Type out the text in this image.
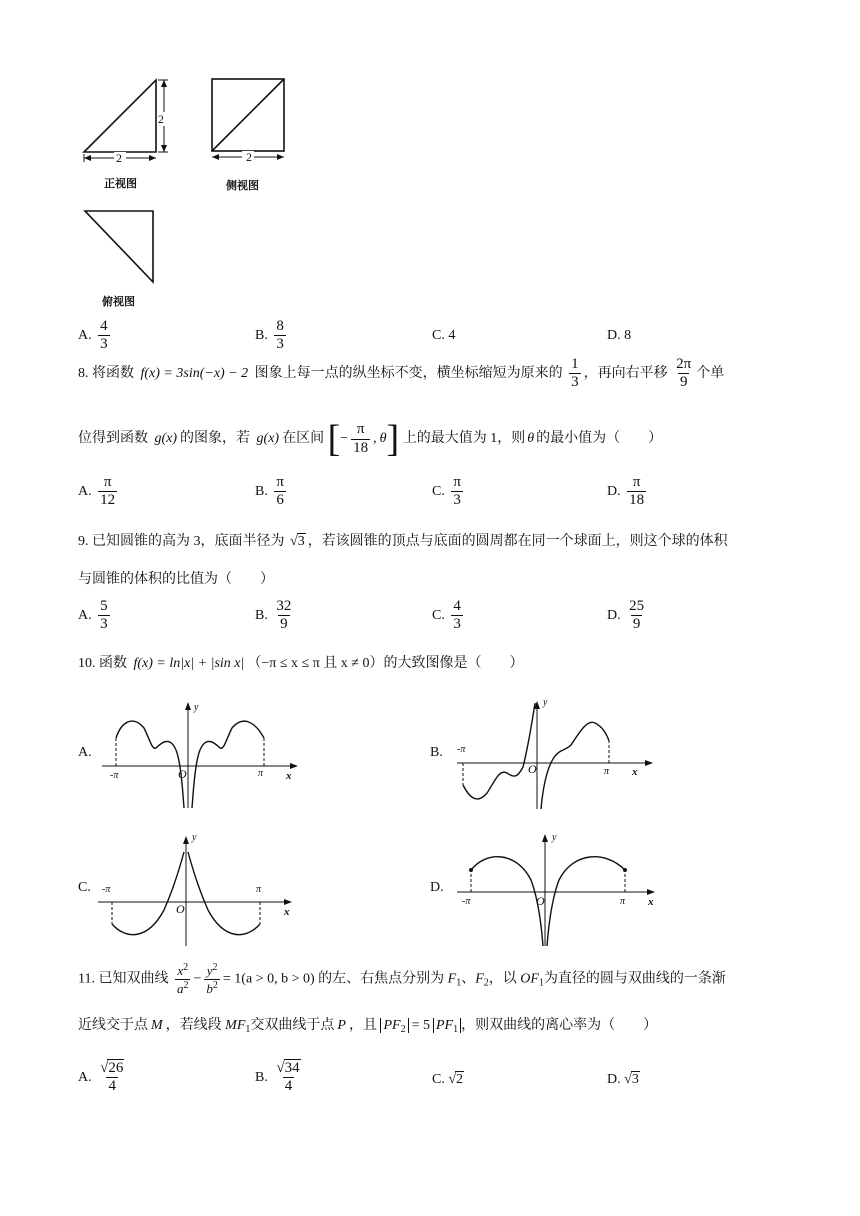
2
2
正视图
2
侧视图
俯视图
A. $\frac{4}{3}$	B. $\frac{8}{3}$	C. 4	D. 8
8. 将函数 f(x) = 3sin(−x) − 2 图象上每一点的纵坐标不变，横坐标缩短为原来的 $\frac{1}{3}$ ，再向右平移 $\frac{2\pi}{9}$ 个单
位得到函数 g(x) 的图象，若 g(x) 在区间 [− $\frac{\pi}{18}$ , θ] 上的最大值为 1，则 θ 的最小值为（　　）
A. $\frac{\pi}{12}$	B. $\frac{\pi}{6}$	C. $\frac{\pi}{3}$	D. $\frac{\pi}{18}$
9. 已知圆锥的高为 3，底面半径为 √3 ，若该圆锥的顶点与底面的圆周都在同一个球面上，则这个球的体积
与圆锥的体积的比值为（　　）
A. $\frac{5}{3}$	B. $\frac{32}{9}$	C. $\frac{4}{3}$	D. $\frac{25}{9}$
10. 函数 f(x) = ln|x| + |sin x| （−π ≤ x ≤ π 且 x ≠ 0）的大致图像是（　　）
A.
y
-π	O	π x
B.
y
-π
O	π x
C.
y
-π
O
π
x
D.
y
-π	O	π x
11. 已知双曲线 $\frac{x^2}{a^2} - \frac{y^2}{b^2} = 1(a > 0$, b > 0) 的左、右焦点分别为 $F_1$、$F_2$，以 $OF_1$为直径的圆与双曲线的一条渐
近线交于点 M ，若线段 $MF_1$交双曲线于点 P ，且 $PF_2 = 5$ $PF_1$ ，则双曲线的离心率为（　　）
A. $\frac{√26}{4}$	B. $\frac{√34}{4}$	C. √2	D. √3
